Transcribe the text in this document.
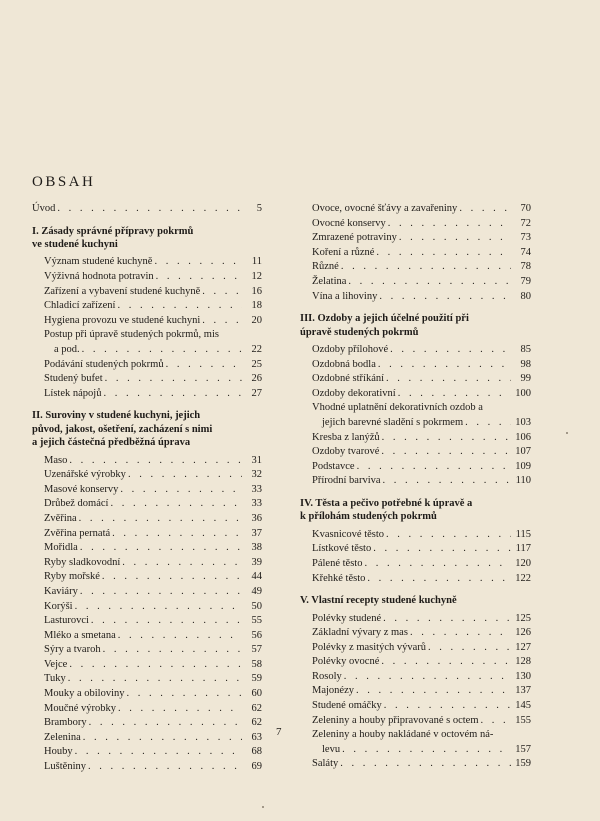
OBSAH
Úvod . . .	5
I. Zásady správné přípravy pokrmů
ve studené kuchyni
Význam studené kuchyně . . .	11
Výživná hodnota potravin . . .	12
Zařízení a vybavení studené kuchyně . . .	16
Chladicí zařízení . . .	18
Hygiena provozu ve studené kuchyni . . .	20
Postup při úpravě studených pokrmů, mis
a pod. . . .	22
Podávání studených pokrmů . . .	25
Studený bufet . . .	26
Lístek nápojů . . .	27
II. Suroviny v studené kuchyni, jejich
původ, jakost, ošetření, zacházení s nimi
a jejich částečná předběžná úprava
Maso . . .	31
Uzenářské výrobky . . .	32
Masové konservy . . .	33
Drůbež domácí . . .	33
Zvěřina . . .	36
Zvěřina pernatá . . .	37
Mořidla . . .	38
Ryby sladkovodní . . .	39
Ryby mořské . . .	44
Kaviáry . . .	49
Korýši . . .	50
Lasturovci . . .	55
Mléko a smetana . . .	56
Sýry a tvaroh . . .	57
Vejce . . .	58
Tuky . . .	59
Mouky a obiloviny . . .	60
Moučné výrobky . . .	62
Brambory . . .	62
Zelenina . . .	63
Houby . . .	68
Luštěniny . . .	69
Ovoce, ovocné šťávy a zavařeniny . . .	70
Ovocné konservy . . .	72
Zmrazené potraviny . . .	73
Koření a různé . . .	74
Různé . . .	78
Želatina . . .	79
Vína a lihoviny . . .	80
III. Ozdoby a jejich účelné použití při
úpravě studených pokrmů
Ozdoby přílohové . . .	85
Ozdobná bodla . . .	98
Ozdobné stříkání . . .	99
Ozdoby dekorativní . . .	100
Vhodné uplatnění dekorativních ozdob a
jejich barevné sladění s pokrmem . . .	103
Kresba z lanýžů . . .	106
Ozdoby tvarové . . .	107
Podstavce . . .	109
Přírodní barviva . . .	110
IV. Těsta a pečivo potřebné k úpravě a
k přílohám studených pokrmů
Kvasnicové těsto . . .	115
Lístkové těsto . . .	117
Pálené těsto . . .	120
Křehké těsto . . .	122
V. Vlastní recepty studené kuchyně
Polévky studené . . .	125
Základní vývary z mas . . .	126
Polévky z masitých vývarů . . .	127
Polévky ovocné . . .	128
Rosoly . . .	130
Majonézy . . .	137
Studené omáčky . . .	145
Zeleniny a houby připravované s octem . . .	155
Zeleniny a houby nakládané v octovém ná-
levu . . .	157
Saláty . . .	159
7
